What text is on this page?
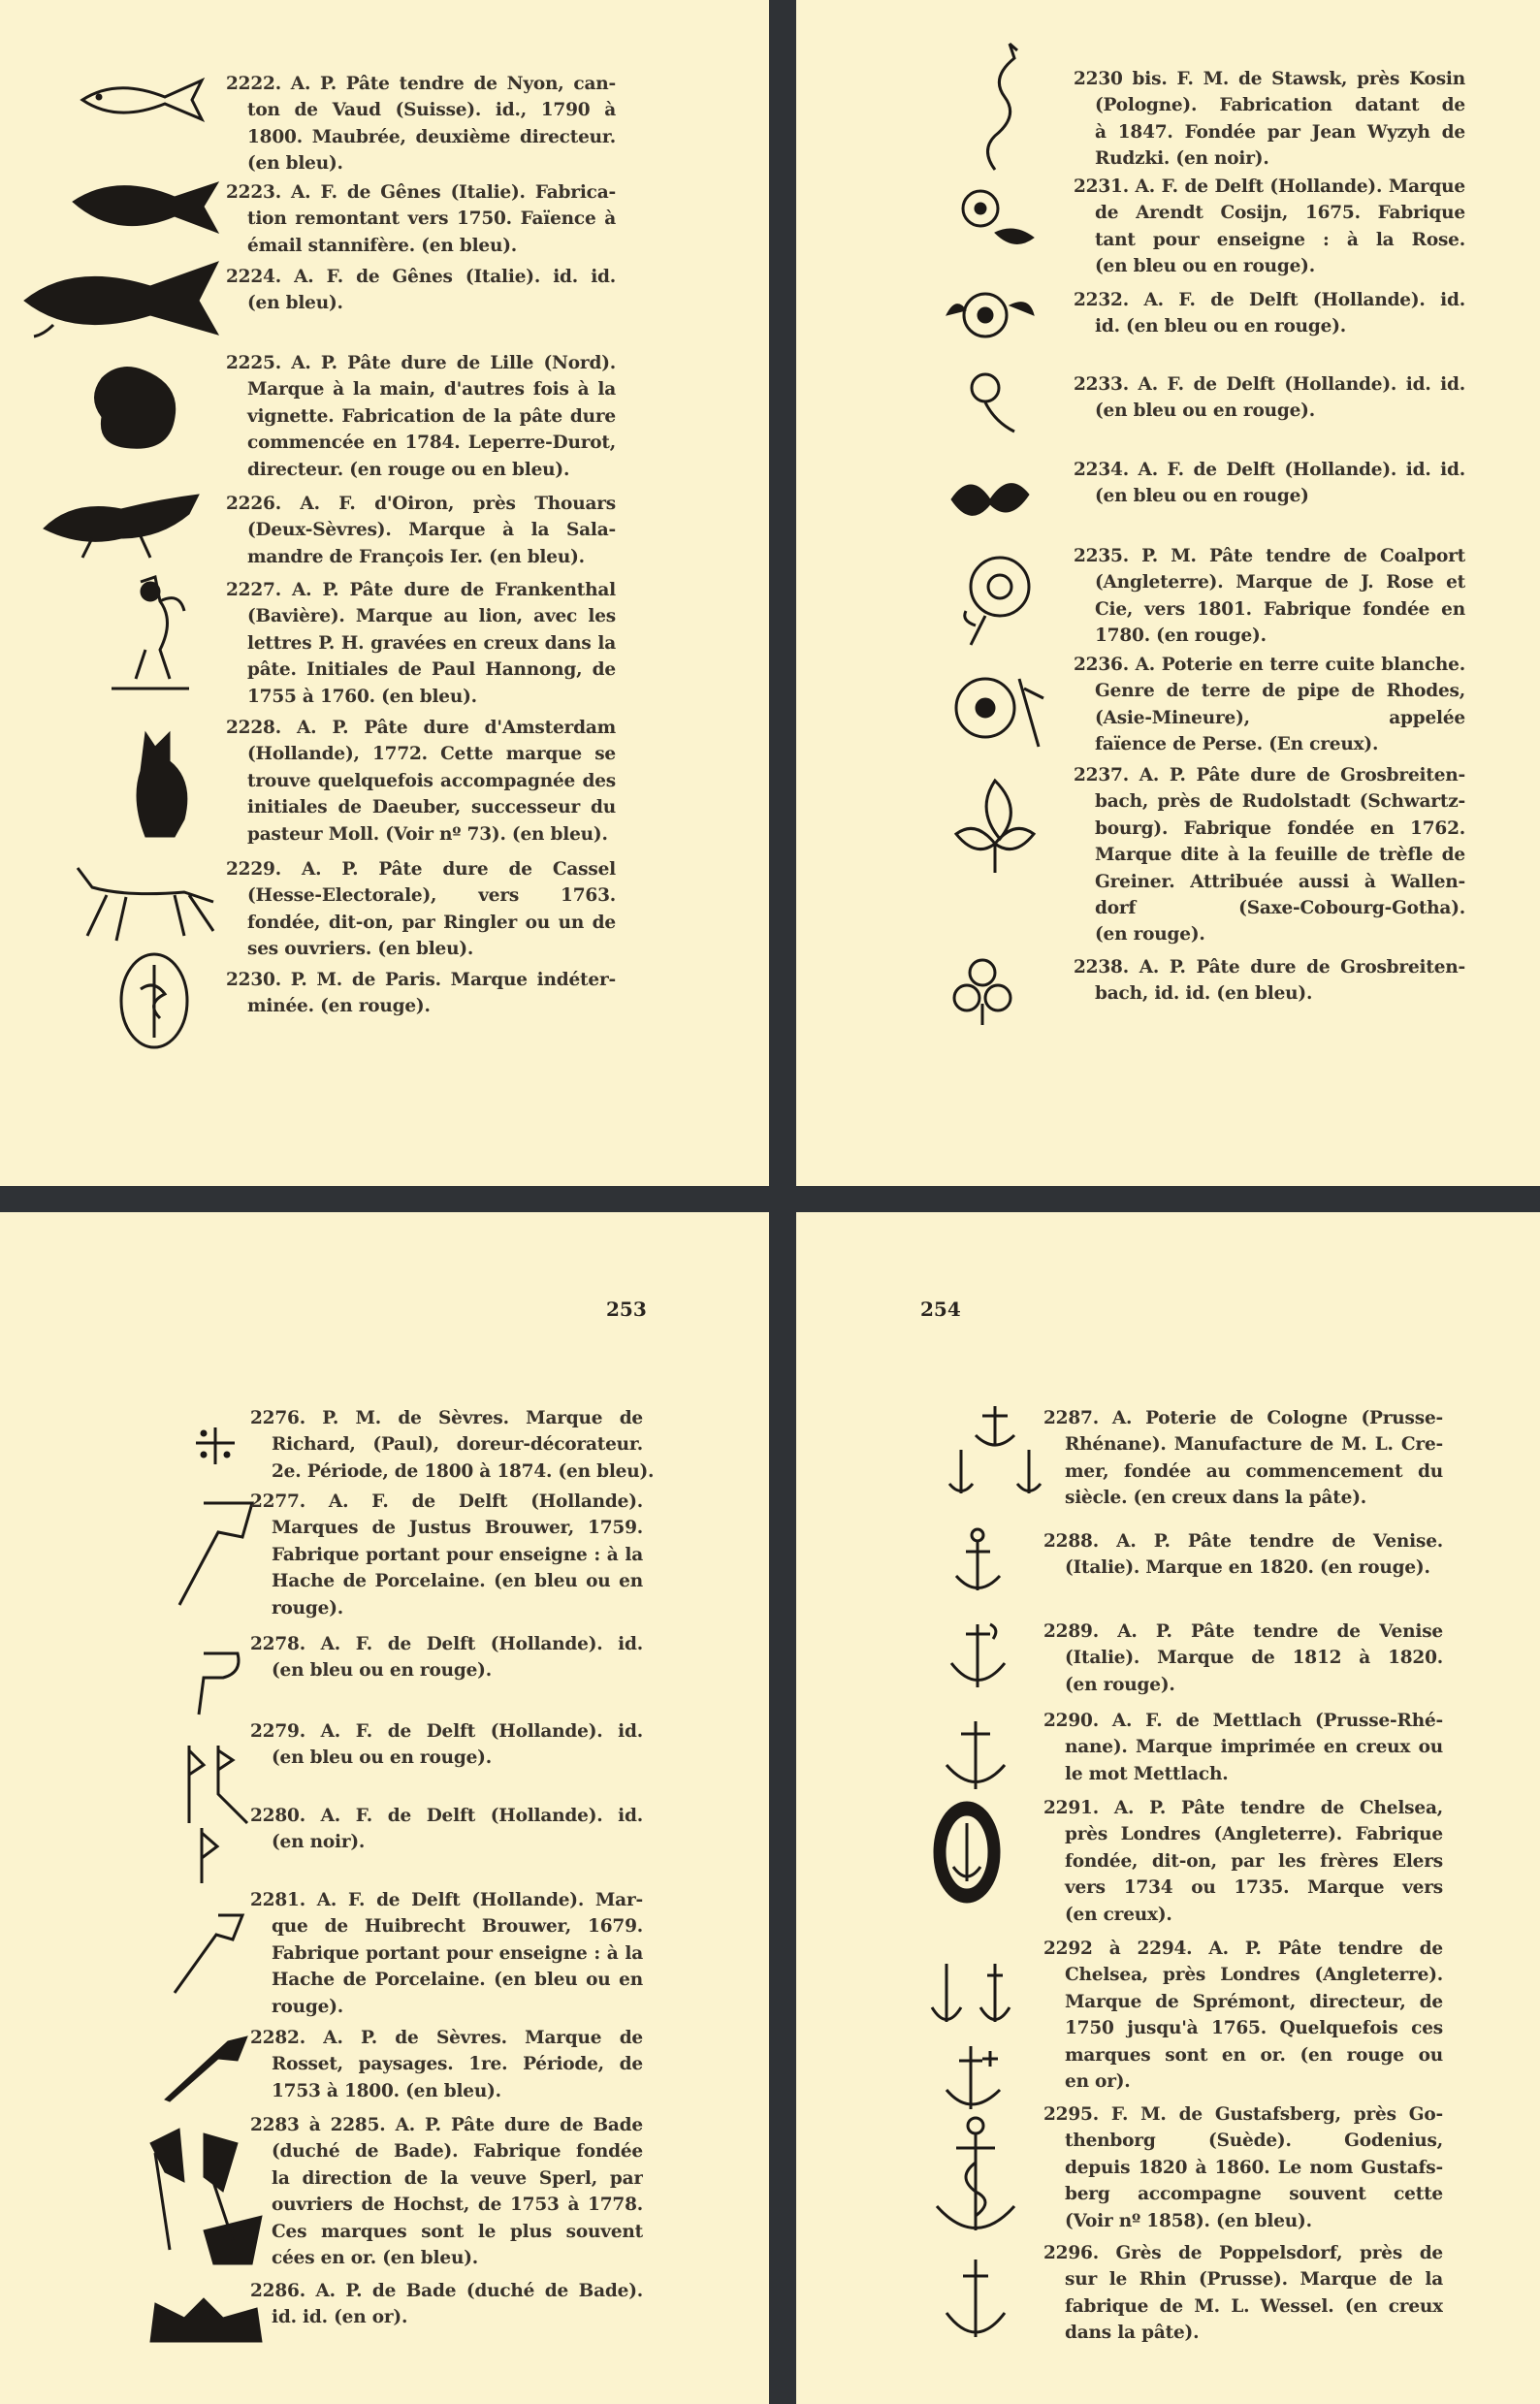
2222. A. P. Pâte tendre de Nyon, can-
ton de Vaud (Suisse). id., 1790 à
1800. Maubrée, deuxième directeur.
(en bleu).
2223. A. F. de Gênes (Italie). Fabrica-
tion remontant vers 1750. Faïence à
émail stannifère. (en bleu).
2224. A. F. de Gênes (Italie). id. id.
(en bleu).
2225. A. P. Pâte dure de Lille (Nord).
Marque à la main, d'autres fois à la
vignette. Fabrication de la pâte dure
commencée en 1784. Leperre-Durot,
directeur. (en rouge ou en bleu).
2226. A. F. d'Oiron, près Thouars
(Deux-Sèvres). Marque à la Sala-
mandre de François Ier. (en bleu).
2227. A. P. Pâte dure de Frankenthal
(Bavière). Marque au lion, avec les
lettres P. H. gravées en creux dans la
pâte. Initiales de Paul Hannong, de
1755 à 1760. (en bleu).
2228. A. P. Pâte dure d'Amsterdam
(Hollande), 1772. Cette marque se
trouve quelquefois accompagnée des
initiales de Daeuber, successeur du
pasteur Moll. (Voir nº 73). (en bleu).
2229. A. P. Pâte dure de Cassel
(Hesse-Electorale), vers 1763.
fondée, dit-on, par Ringler ou un de
ses ouvriers. (en bleu).
2230. P. M. de Paris. Marque indéter-
minée. (en rouge).
2230 bis. F. M. de Stawsk, près Kosin
(Pologne). Fabrication datant de
à 1847. Fondée par Jean Wyzyh de
Rudzki. (en noir).
2231. A. F. de Delft (Hollande). Marque
de Arendt Cosijn, 1675. Fabrique
tant pour enseigne : à la Rose.
(en bleu ou en rouge).
2232. A. F. de Delft (Hollande). id.
id. (en bleu ou en rouge).
2233. A. F. de Delft (Hollande). id. id.
(en bleu ou en rouge).
2234. A. F. de Delft (Hollande). id. id.
(en bleu ou en rouge)
2235. P. M. Pâte tendre de Coalport
(Angleterre). Marque de J. Rose et
Cie, vers 1801. Fabrique fondée en
1780. (en rouge).
2236. A. Poterie en terre cuite blanche.
Genre de terre de pipe de Rhodes,
(Asie-Mineure), appelée
faïence de Perse. (En creux).
2237. A. P. Pâte dure de Grosbreiten-
bach, près de Rudolstadt (Schwartz-
bourg). Fabrique fondée en 1762.
Marque dite à la feuille de trèfle de
Greiner. Attribuée aussi à Wallen-
dorf (Saxe-Cobourg-Gotha).
(en rouge).
2238. A. P. Pâte dure de Grosbreiten-
bach, id. id. (en bleu).
253
2276. P. M. de Sèvres. Marque de
Richard, (Paul), doreur-décorateur.
2e. Période, de 1800 à 1874. (en bleu).
2277. A. F. de Delft (Hollande).
Marques de Justus Brouwer, 1759.
Fabrique portant pour enseigne : à la
Hache de Porcelaine. (en bleu ou en
rouge).
2278. A. F. de Delft (Hollande). id.
(en bleu ou en rouge).
2279. A. F. de Delft (Hollande). id.
(en bleu ou en rouge).
2280. A. F. de Delft (Hollande). id.
(en noir).
2281. A. F. de Delft (Hollande). Mar-
que de Huibrecht Brouwer, 1679.
Fabrique portant pour enseigne : à la
Hache de Porcelaine. (en bleu ou en
rouge).
2282. A. P. de Sèvres. Marque de
Rosset, paysages. 1re. Période, de
1753 à 1800. (en bleu).
2283 à 2285. A. P. Pâte dure de Bade
(duché de Bade). Fabrique fondée
la direction de la veuve Sperl, par
ouvriers de Hochst, de 1753 à 1778.
Ces marques sont le plus souvent
cées en or. (en bleu).
2286. A. P. de Bade (duché de Bade).
id. id. (en or).
254
2287. A. Poterie de Cologne (Prusse-
Rhénane). Manufacture de M. L. Cre-
mer, fondée au commencement du
siècle. (en creux dans la pâte).
2288. A. P. Pâte tendre de Venise.
(Italie). Marque en 1820. (en rouge).
2289. A. P. Pâte tendre de Venise
(Italie). Marque de 1812 à 1820.
(en rouge).
2290. A. F. de Mettlach (Prusse-Rhé-
nane). Marque imprimée en creux ou
le mot Mettlach.
2291. A. P. Pâte tendre de Chelsea,
près Londres (Angleterre). Fabrique
fondée, dit-on, par les frères Elers
vers 1734 ou 1735. Marque vers
(en creux).
2292 à 2294. A. P. Pâte tendre de
Chelsea, près Londres (Angleterre).
Marque de Sprémont, directeur, de
1750 jusqu'à 1765. Quelquefois ces
marques sont en or. (en rouge ou
en or).
2295. F. M. de Gustafsberg, près Go-
thenborg (Suède). Godenius,
depuis 1820 à 1860. Le nom Gustafs-
berg accompagne souvent cette
(Voir nº 1858). (en bleu).
2296. Grès de Poppelsdorf, près de
sur le Rhin (Prusse). Marque de la
fabrique de M. L. Wessel. (en creux
dans la pâte).
